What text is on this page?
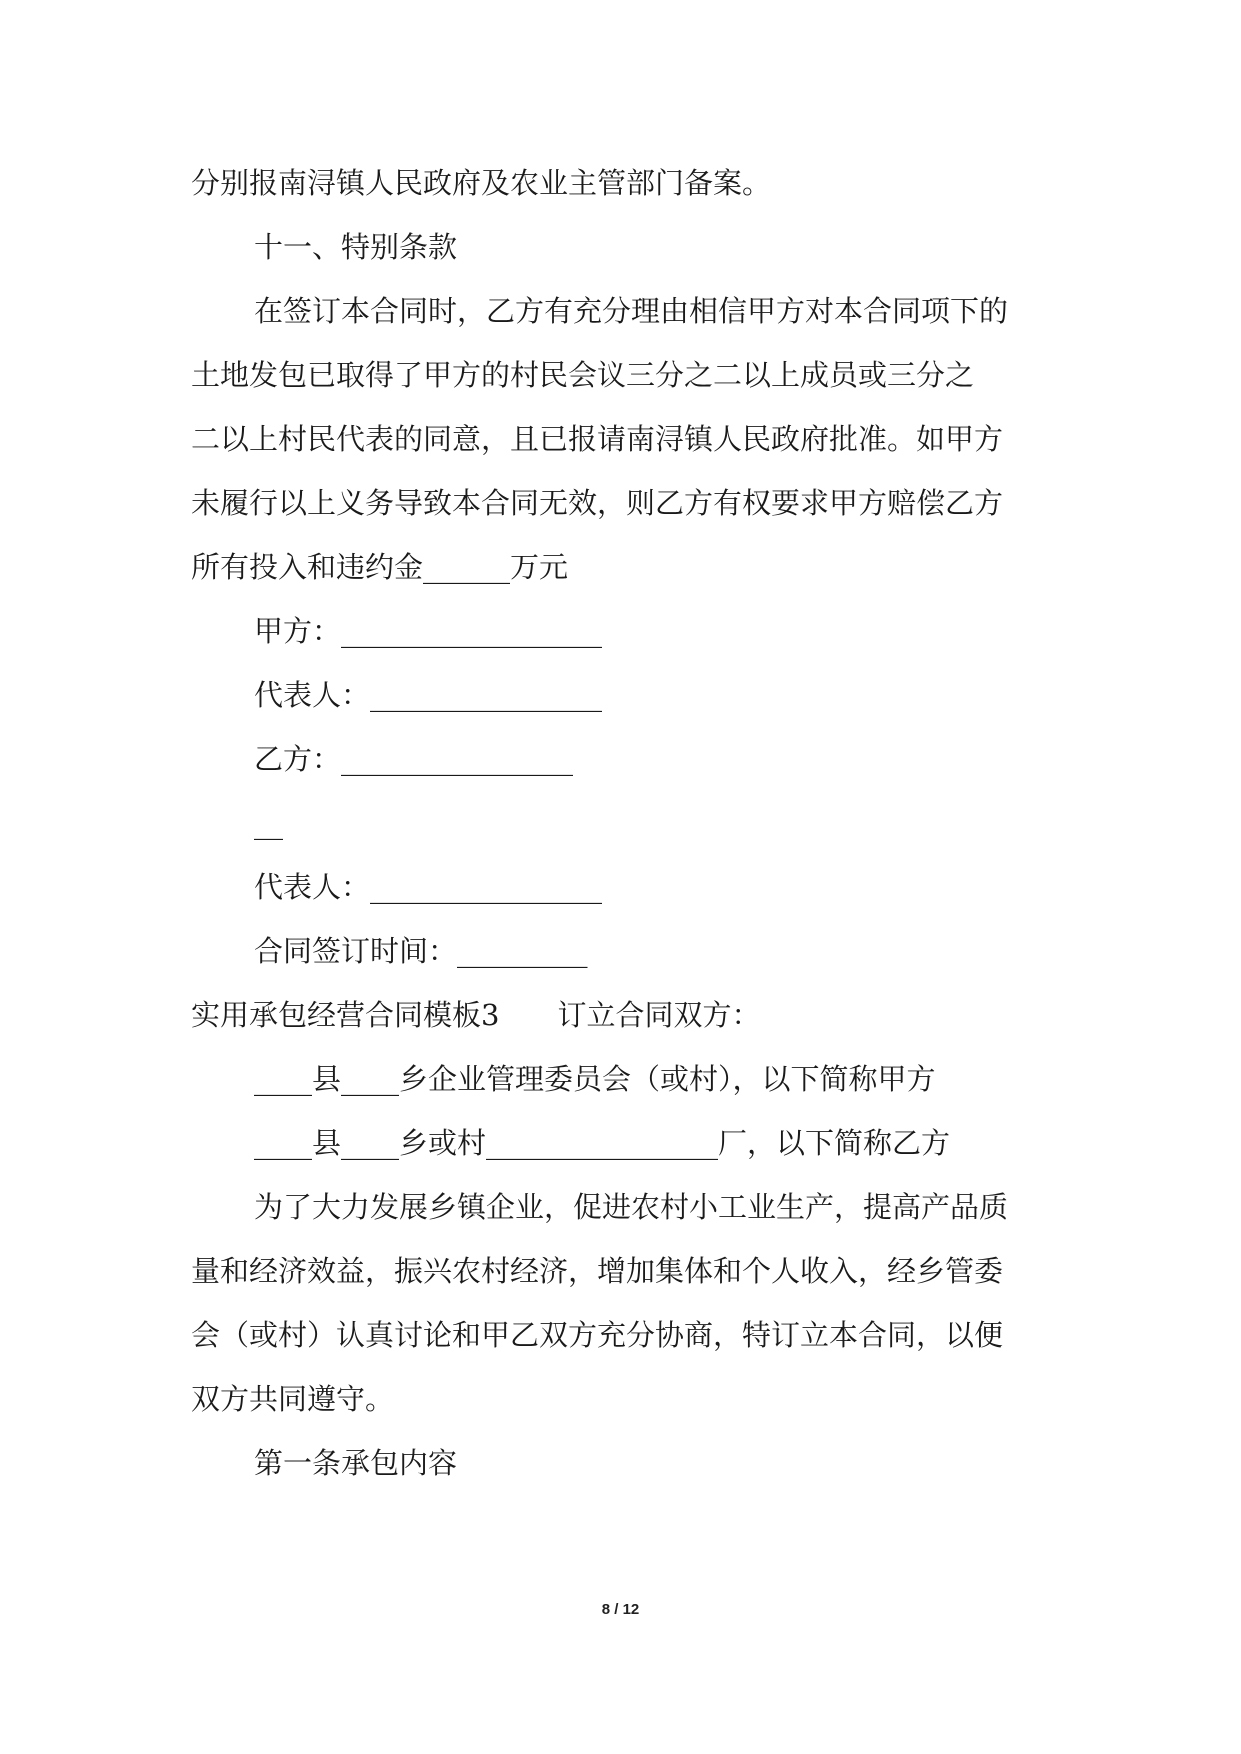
分别报南浔镇人民政府及农业主管部门备案。

十一、特别条款

在签订本合同时，乙方有充分理由相信甲方对本合同项下的

土地发包已取得了甲方的村民会议三分之二以上成员或三分之

二以上村民代表的同意，且已报请南浔镇人民政府批准。如甲方

未履行以上义务导致本合同无效，则乙方有权要求甲方赔偿乙方

所有投入和违约金______万元

甲方：__________________

代表人：________________

乙方：________________

__

代表人：________________

合同签订时间：_________

实用承包经营合同模板3　　订立合同双方：

____县____乡企业管理委员会（或村），以下简称甲方

____县____乡或村________________厂，以下简称乙方

为了大力发展乡镇企业，促进农村小工业生产，提高产品质

量和经济效益，振兴农村经济，增加集体和个人收入，经乡管委

会（或村）认真讨论和甲乙双方充分协商，特订立本合同，以便

双方共同遵守。

第一条承包内容

8 / 12
